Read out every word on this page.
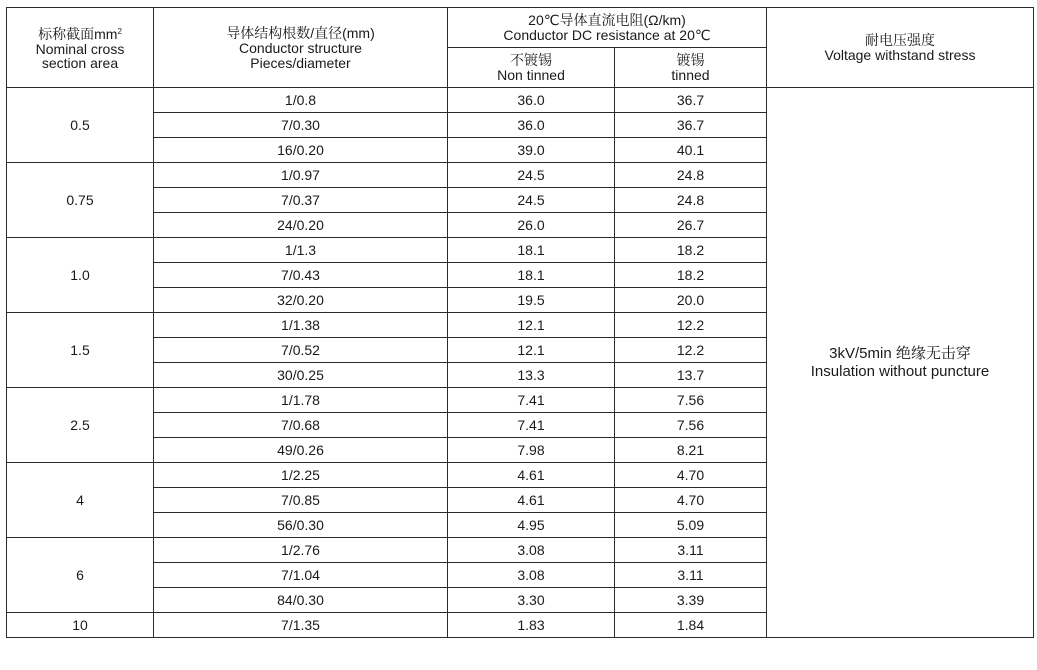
标称截面$mm^2$
Nominal cross
section area	导体结构根数/直径(mm)
Conductor structure
Pieces/diameter	20℃导体直流电阻(Ω/km)
Conductor DC resistance at 20℃		耐电压强度
Voltage withstand stress

		不镀锡
Non tinned	镀锡
tinned	

0.5	1/0.8	36.0	36.7	3kV/5min 绝缘无击穿
Insulation without puncture

	7/0.30	36.0	36.7	
	16/0.20	39.0	40.1	
0.75	1/0.97	24.5	24.8	
	7/0.37	24.5	24.8	
	24/0.20	26.0	26.7	
1.0	1/1.3	18.1	18.2	
	7/0.43	18.1	18.2	
	32/0.20	19.5	20.0	
1.5	1/1.38	12.1	12.2	
	7/0.52	12.1	12.2	
	30/0.25	13.3	13.7	
2.5	1/1.78	7.41	7.56	
	7/0.68	7.41	7.56	
	49/0.26	7.98	8.21	
4	1/2.25	4.61	4.70	
	7/0.85	4.61	4.70	
	56/0.30	4.95	5.09	
6	1/2.76	3.08	3.11	
	7/1.04	3.08	3.11	
	84/0.30	3.30	3.39	
10	7/1.35	1.83	1.84	
